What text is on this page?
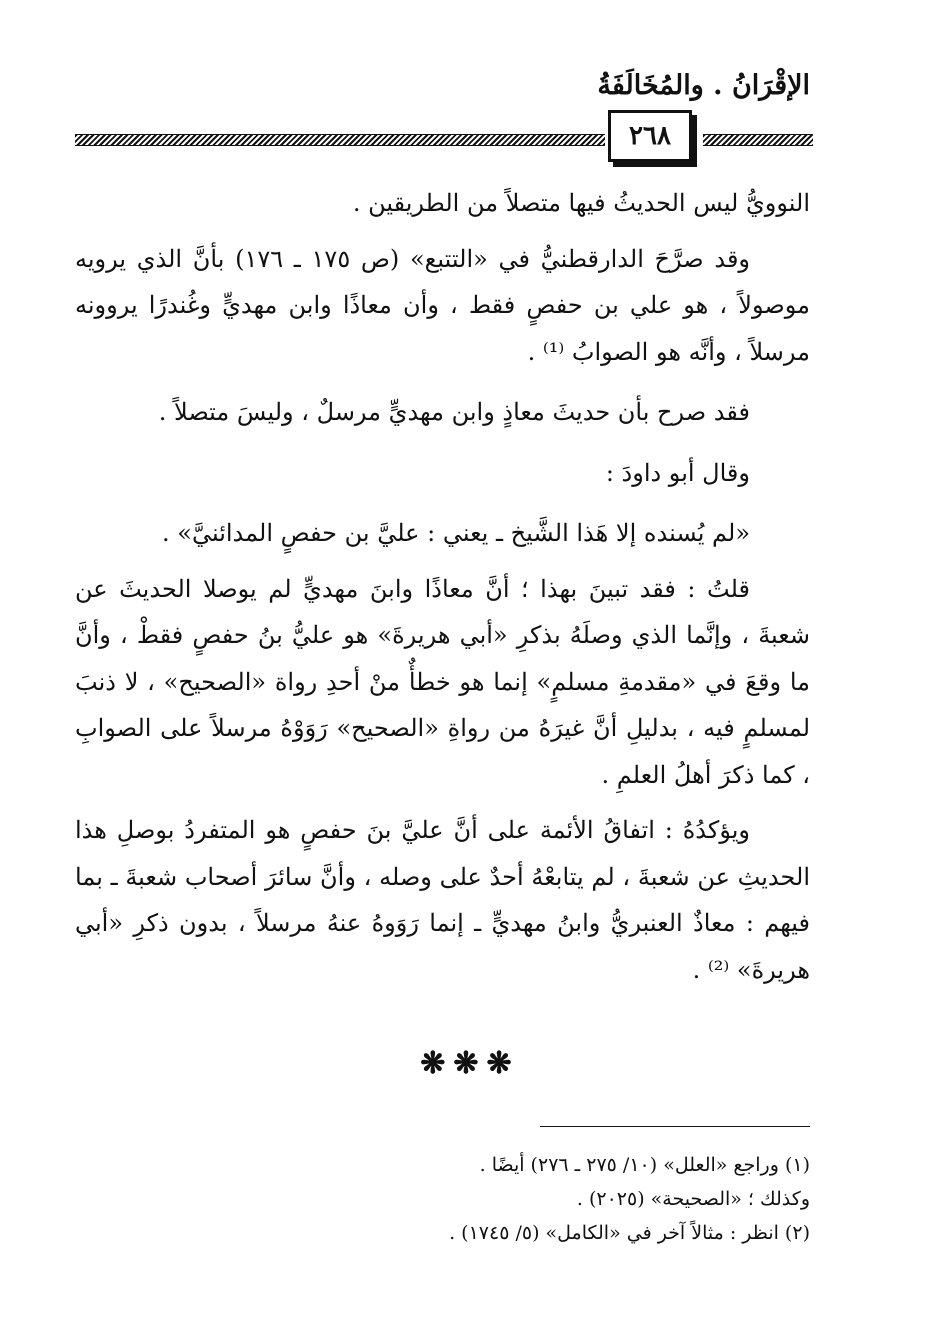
الإقْرَانُ . والمُخَالَفَةُ
٢٦٨

النوويُّ ليس الحديثُ فيها متصلاً من الطريقين .

وقد صرَّحَ الدارقطنيُّ في «التتبع» (ص ١٧٥ ـ ١٧٦) بأنَّ الذي يرويه موصولاً ، هو علي بن حفصٍ فقط ، وأن معاذًا وابن مهديٍّ وغُندرًا يروونه مرسلاً ، وأنَّه هو الصوابُ ⁽¹⁾ .

فقد صرح بأن حديثَ معاذٍ وابن مهديٍّ مرسلٌ ، وليسَ متصلاً .

وقال أبو داودَ :

«لم يُسنده إلا هَذا الشَّيخ ـ يعني : عليَّ بن حفصٍ المدائنيَّ» .

قلتُ : فقد تبينَ بهذا ؛ أنَّ معاذًا وابنَ مهديٍّ لم يوصلا الحديثَ عن شعبةَ ، وإنَّما الذي وصلَهُ بذكرِ «أبي هريرةَ» هو عليُّ بنُ حفصٍ فقطْ ، وأنَّ ما وقعَ في «مقدمةِ مسلمٍ» إنما هو خطأٌ منْ أحدِ رواة «الصحيح» ، لا ذنبَ لمسلمٍ فيه ، بدليلِ أنَّ غيرَهُ من رواةِ «الصحيح» رَوَوْهُ مرسلاً على الصوابِ ، كما ذكرَ أهلُ العلمِ .

ويؤكدُهُ : اتفاقُ الأئمة على أنَّ عليَّ بنَ حفصٍ هو المتفردُ بوصلِ هذا الحديثِ عن شعبةَ ، لم يتابعْهُ أحدٌ على وصله ، وأنَّ سائرَ أصحاب شعبةَ ـ بما فيهم : معاذٌ العنبريُّ وابنُ مهديٍّ ـ إنما رَوَوهُ عنهُ مرسلاً ، بدون ذكرِ «أبي هريرةَ» ⁽²⁾ .

❋❋❋

(١) وراجع «العلل» (١٠/ ٢٧٥ ـ ٢٧٦) أيضًا .

وكذلك ؛ «الصحيحة» (٢٠٢٥) .

(٢) انظر : مثالاً آخر في «الكامل» (٥/ ١٧٤٥) .
